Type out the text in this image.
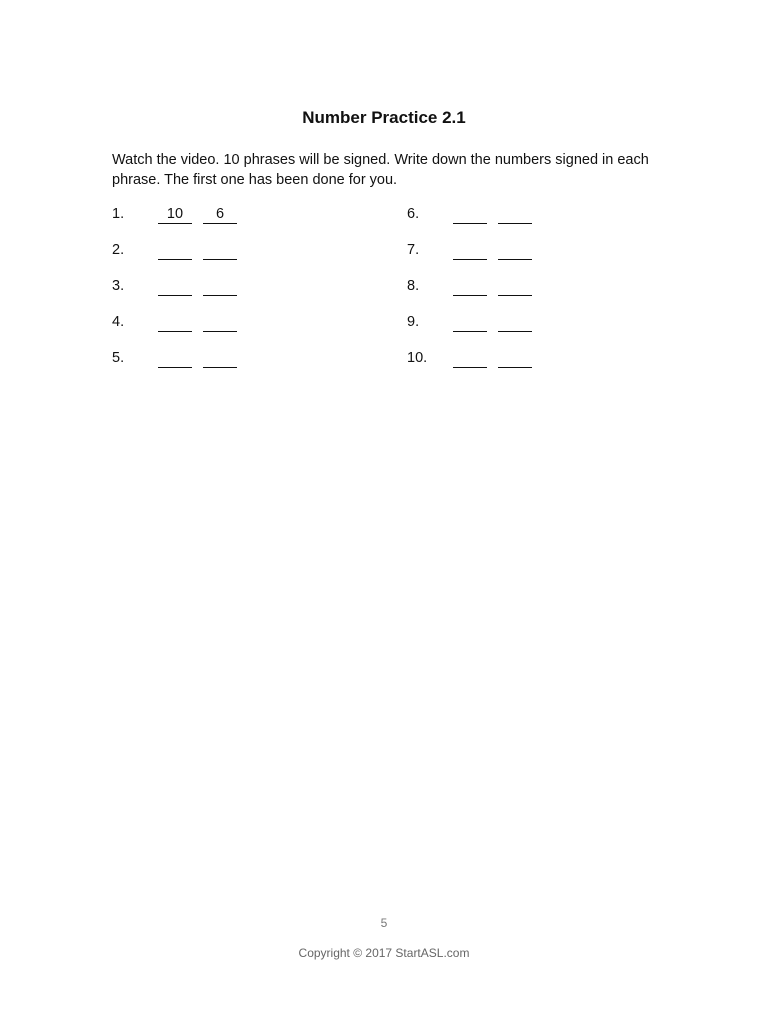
Number Practice 2.1

Watch the video. 10 phrases will be signed. Write down the numbers signed in each phrase. The first one has been done for you.

1.	10	6
2.
3.
4.
5.
6.
7.
8.
9.
10.
5
Copyright © 2017 StartASL.com
